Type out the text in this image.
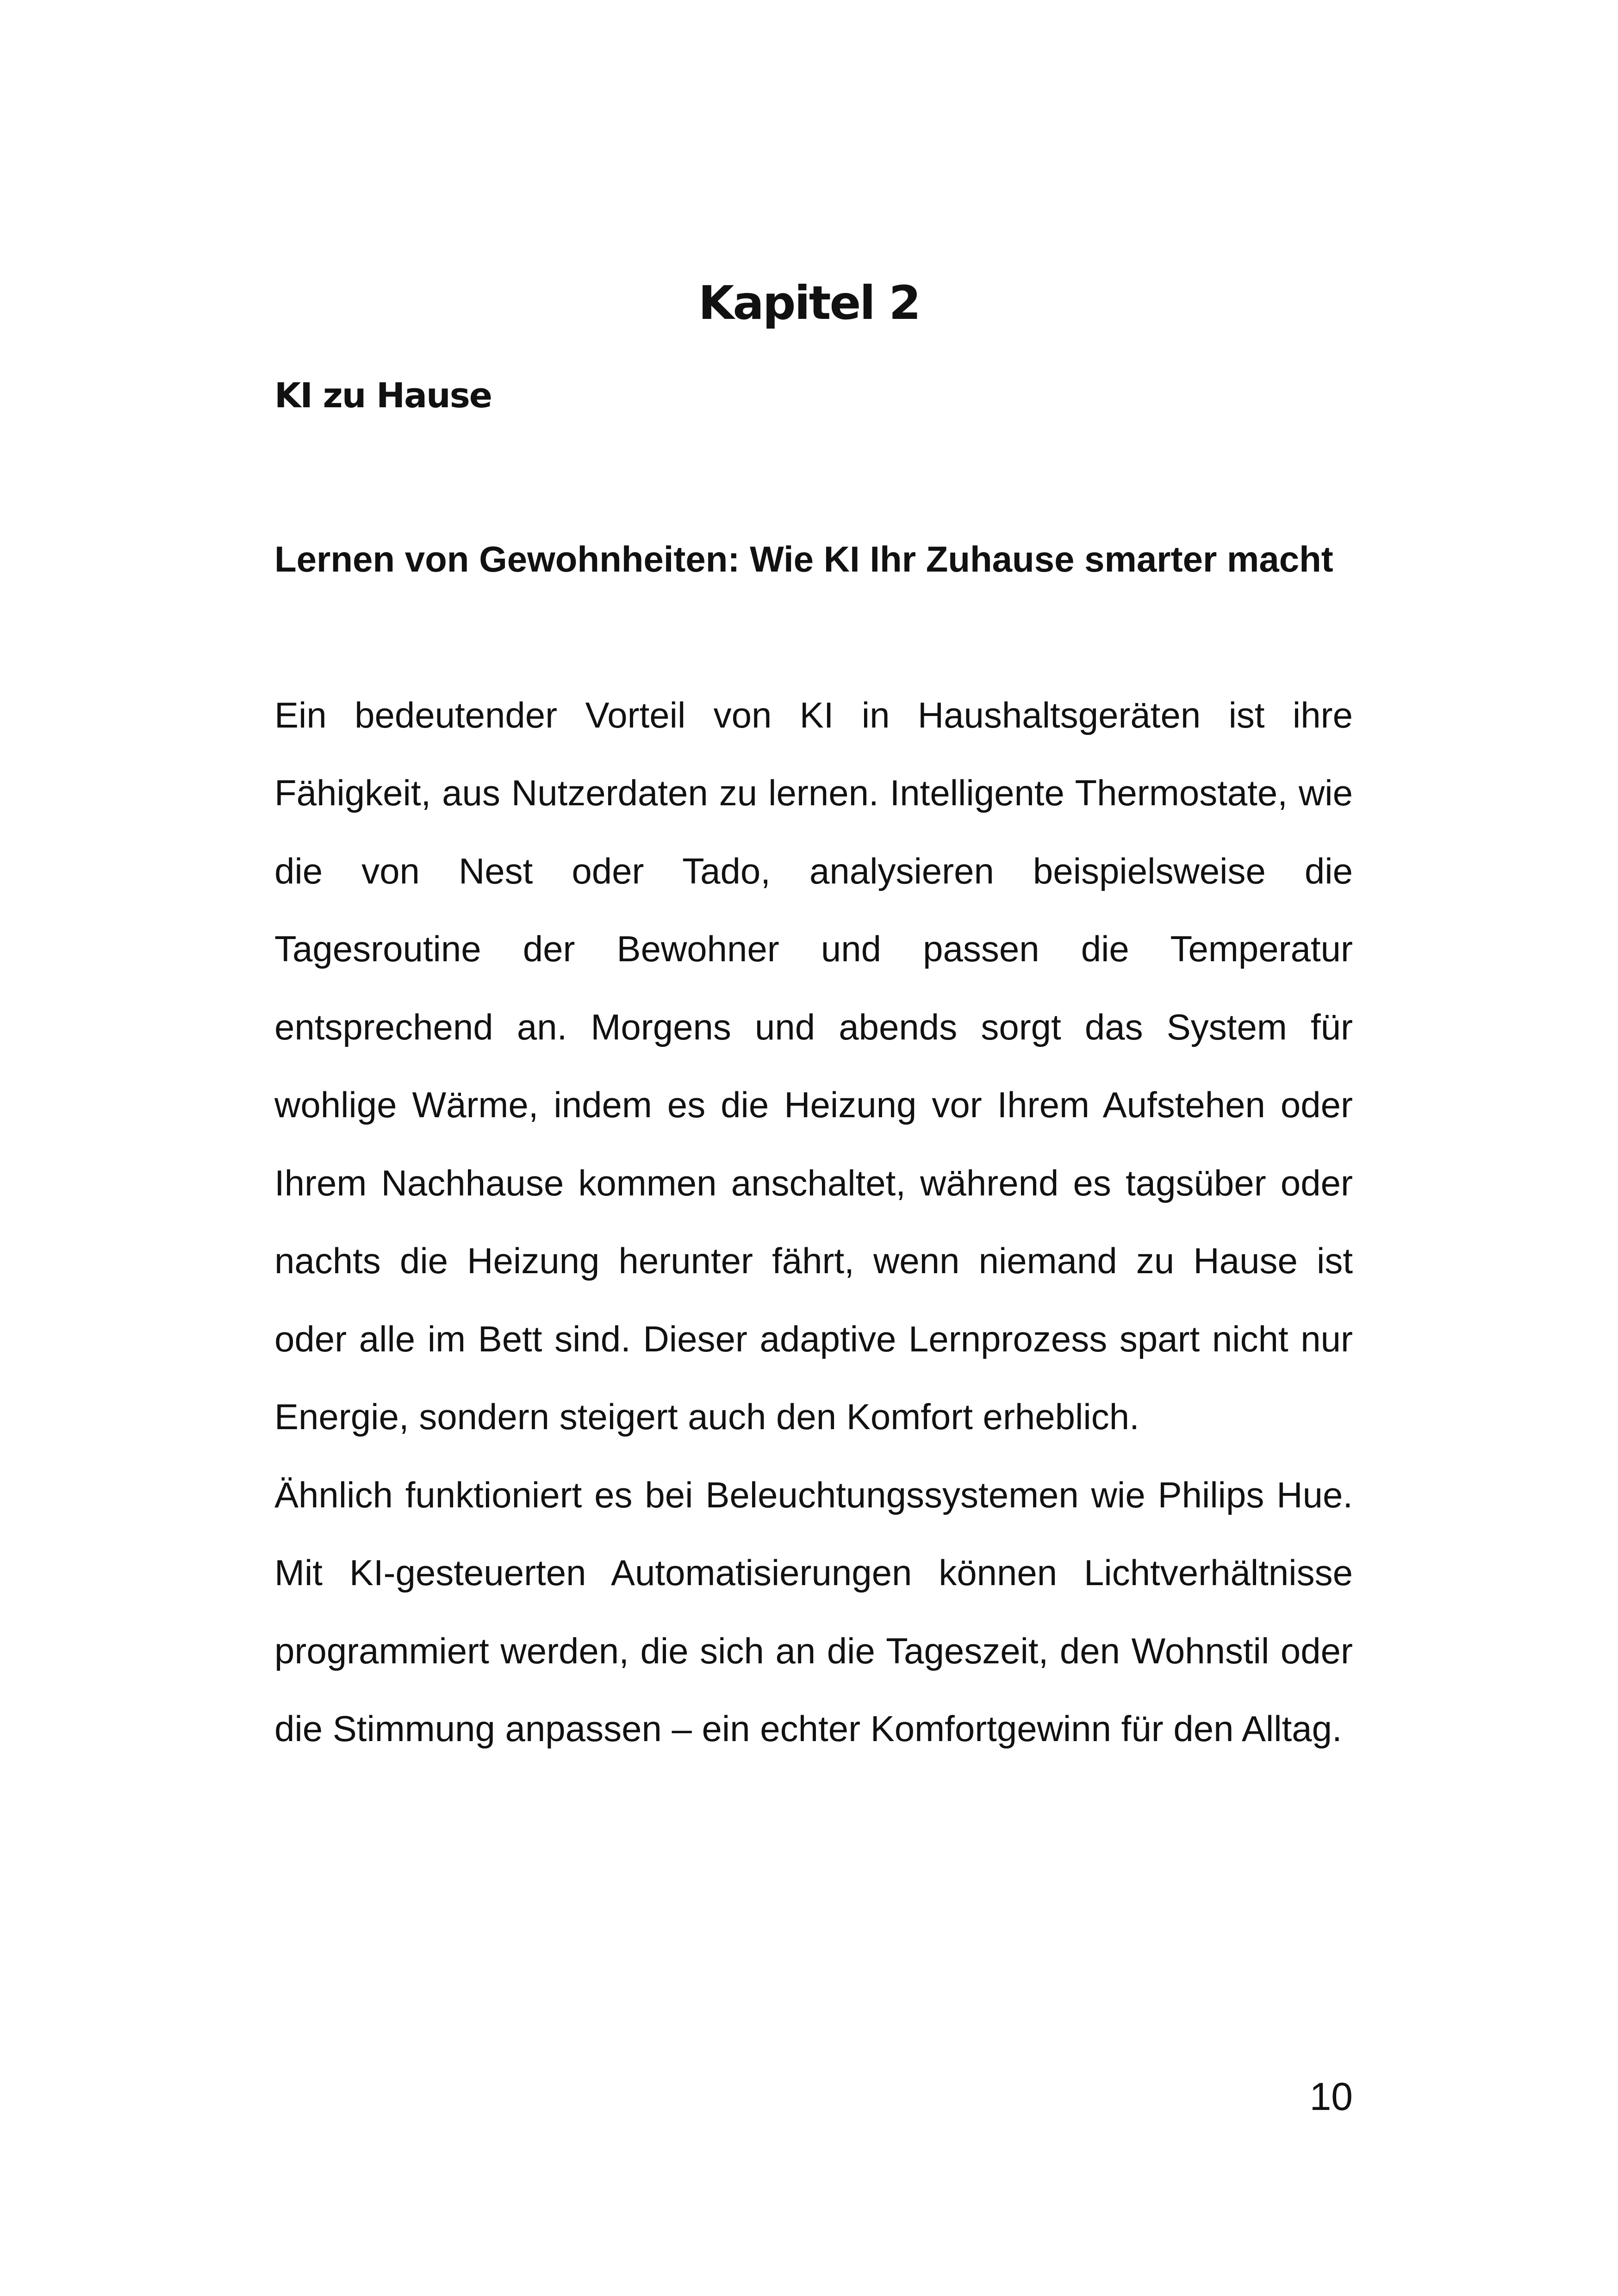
Kapitel 2
KI zu Hause

Lernen von Gewohnheiten: Wie KI Ihr Zuhause smarter macht

Ein bedeutender Vorteil von KI in Haushaltsgeräten ist ihre Fähigkeit, aus Nutzerdaten zu lernen. Intelligente Thermostate, wie die von Nest oder Tado, analysieren beispielsweise die Tagesroutine der Bewohner und passen die Temperatur entsprechend an. Morgens und abends sorgt das System für wohlige Wärme, indem es die Heizung vor Ihrem Aufstehen oder Ihrem Nachhause kommen anschaltet, während es tagsüber oder nachts die Heizung herunter fährt, wenn niemand zu Hause ist oder alle im Bett sind. Dieser adaptive Lernprozess spart nicht nur Energie, sondern steigert auch den Komfort erheblich.

Ähnlich funktioniert es bei Beleuchtungssystemen wie Philips Hue. Mit KI-gesteuerten Automatisierungen können Lichtverhältnisse programmiert werden, die sich an die Tageszeit, den Wohnstil oder die Stimmung anpassen – ein echter Komfortgewinn für den Alltag.

10
